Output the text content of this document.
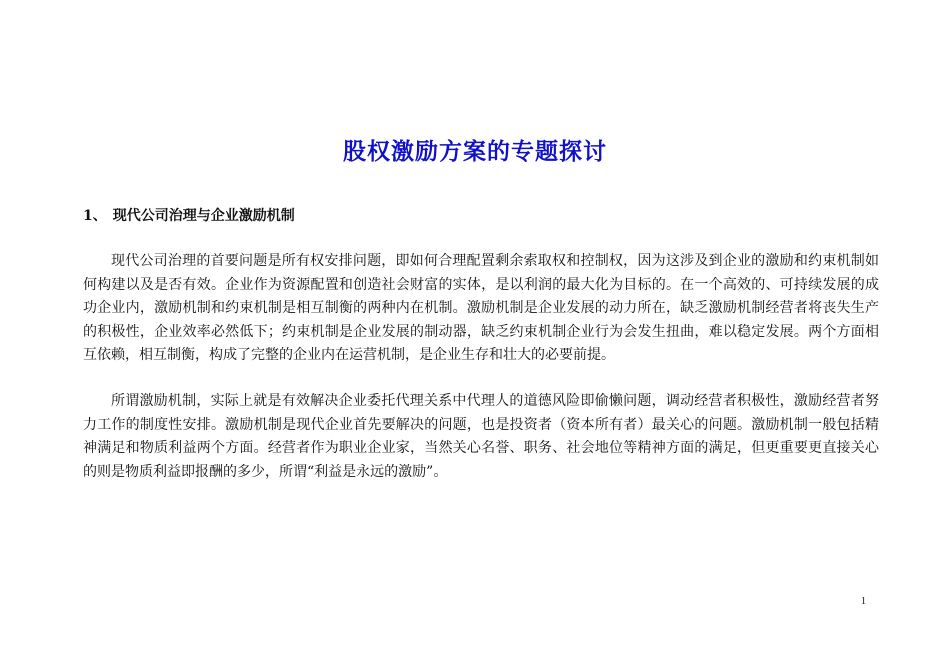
股权激励方案的专题探讨
1、 现代公司治理与企业激励机制

现代公司治理的首要问题是所有权安排问题，即如何合理配置剩余索取权和控制权，因为这涉及到企业的激励和约束机制如何构建以及是否有效。企业作为资源配置和创造社会财富的实体，是以利润的最大化为目标的。在一个高效的、可持续发展的成功企业内，激励机制和约束机制是相互制衡的两种内在机制。激励机制是企业发展的动力所在，缺乏激励机制经营者将丧失生产的积极性，企业效率必然低下；约束机制是企业发展的制动器，缺乏约束机制企业行为会发生扭曲，难以稳定发展。两个方面相互依赖，相互制衡，构成了完整的企业内在运营机制，是企业生存和壮大的必要前提。

所谓激励机制，实际上就是有效解决企业委托代理关系中代理人的道德风险即偷懒问题，调动经营者积极性，激励经营者努力工作的制度性安排。激励机制是现代企业首先要解决的问题，也是投资者（资本所有者）最关心的问题。激励机制一般包括精神满足和物质利益两个方面。经营者作为职业企业家，当然关心名誉、职务、社会地位等精神方面的满足，但更重要更直接关心的则是物质利益即报酬的多少，所谓“利益是永远的激励”。

1
